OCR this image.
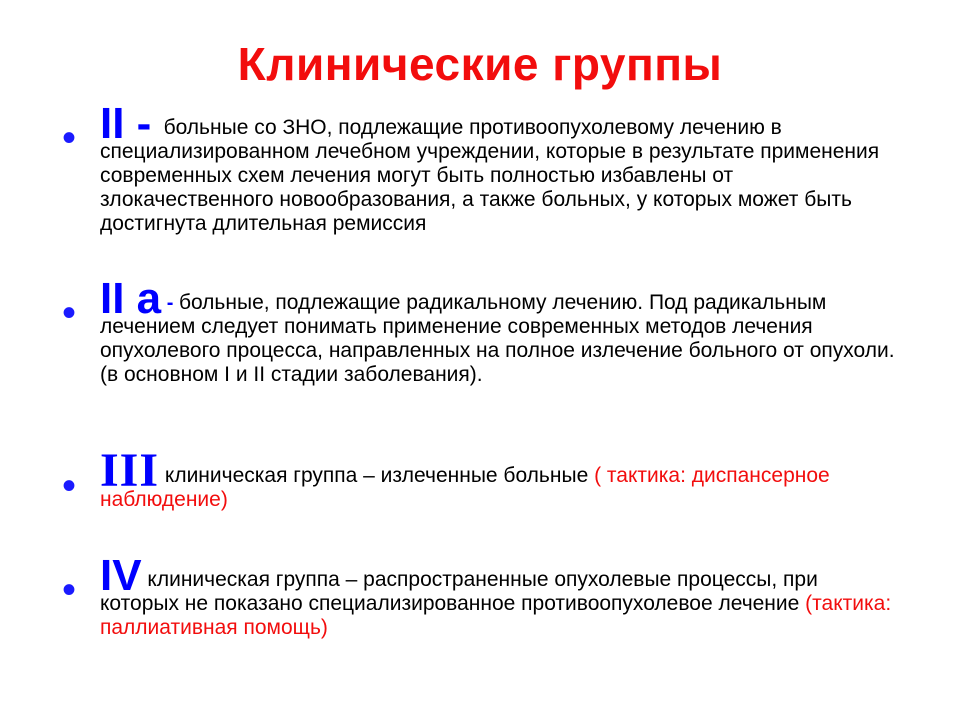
Клинические группы
• II - больные со ЗНО, подлежащие противоопухолевому лечению в специализированном лечебном учреждении, которые в результате применения современных схем лечения могут быть полностью избавлены от злокачественного новообразования, а также больных, у которых может быть достигнута длительная ремиссия
• II а - больные, подлежащие радикальному лечению. Под радикальным лечением следует понимать применение современных методов лечения опухолевого процесса, направленных на полное излечение больного от опухоли. (в основном I и II стадии заболевания).
• III клиническая группа – излеченные больные ( тактика: диспансерное наблюдение)
• IV клиническая группа – распространенные опухолевые процессы, при которых не показано специализированное противоопухолевое лечение (тактика: паллиативная помощь)
